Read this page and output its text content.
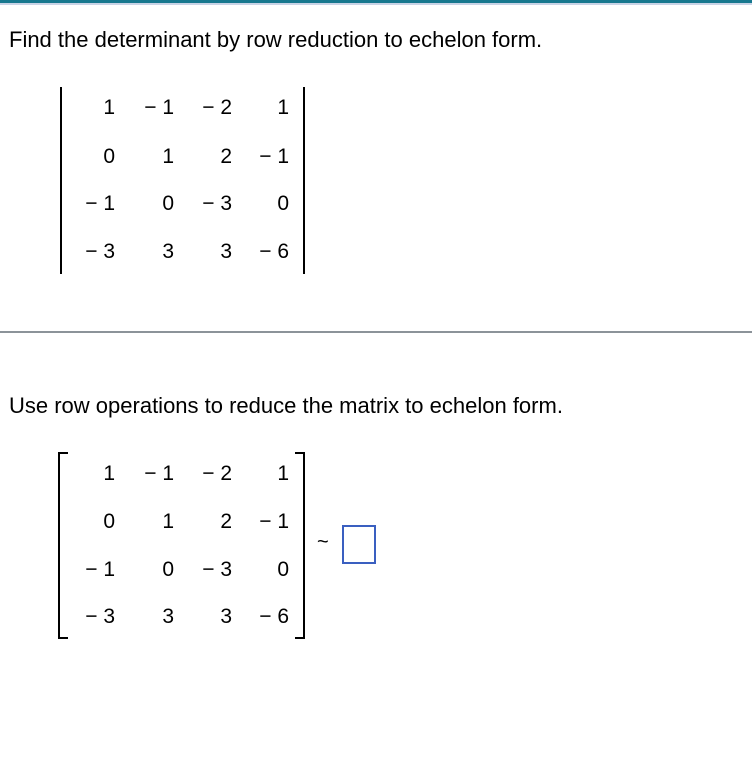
Find the determinant by row reduction to echelon form.
1	− 1	− 2	1
0	1	2	− 1
− 1	0	− 3	0
− 3	3	3	− 6
Use row operations to reduce the matrix to echelon form.
1	− 1	− 2	1
0	1	2	− 1
− 1	0	− 3	0
− 3	3	3	− 6
~
